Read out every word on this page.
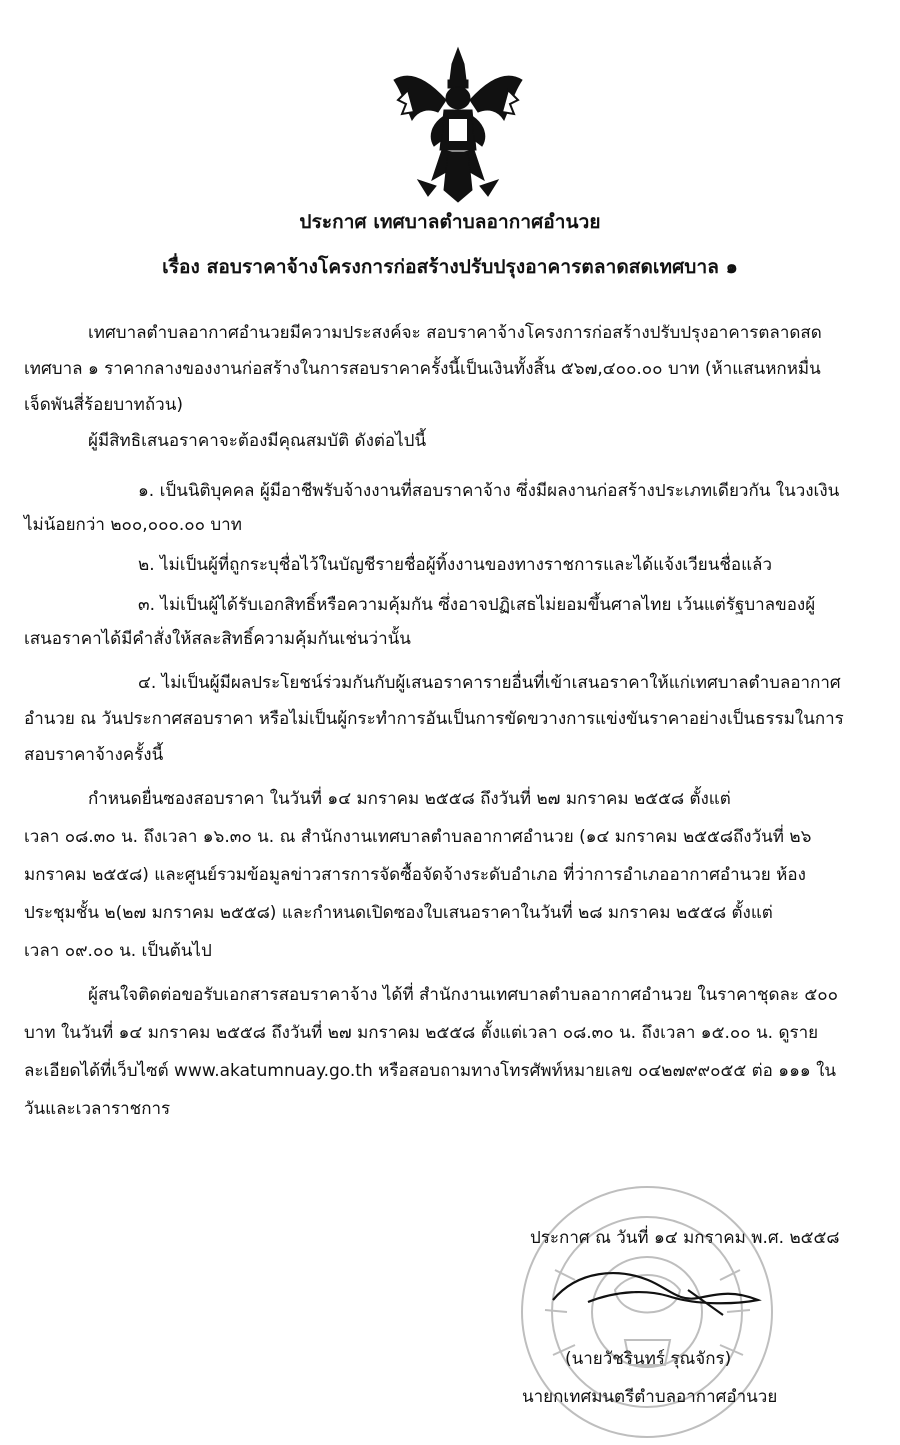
ประกาศ เทศบาลตำบลอากาศอำนวย
เรื่อง สอบราคาจ้างโครงการก่อสร้างปรับปรุงอาคารตลาดสดเทศบาล ๑
เทศบาลตำบลอากาศอำนวยมีความประสงค์จะ สอบราคาจ้างโครงการก่อสร้างปรับปรุงอาคารตลาดสด
เทศบาล ๑ ราคากลางของงานก่อสร้างในการสอบราคาครั้งนี้เป็นเงินทั้งสิ้น ๕๖๗,๔๐๐.๐๐ บาท (ห้าแสนหกหมื่น
เจ็ดพันสี่ร้อยบาทถ้วน)
ผู้มีสิทธิเสนอราคาจะต้องมีคุณสมบัติ ดังต่อไปนี้
๑. เป็นนิติบุคคล ผู้มีอาชีพรับจ้างงานที่สอบราคาจ้าง ซึ่งมีผลงานก่อสร้างประเภทเดียวกัน ในวงเงิน
ไม่น้อยกว่า ๒๐๐,๐๐๐.๐๐ บาท
๒. ไม่เป็นผู้ที่ถูกระบุชื่อไว้ในบัญชีรายชื่อผู้ทิ้งงานของทางราชการและได้แจ้งเวียนชื่อแล้ว
๓. ไม่เป็นผู้ได้รับเอกสิทธิ์หรือความคุ้มกัน ซึ่งอาจปฏิเสธไม่ยอมขึ้นศาลไทย เว้นแต่รัฐบาลของผู้
เสนอราคาได้มีคำสั่งให้สละสิทธิ์ความคุ้มกันเช่นว่านั้น
๔. ไม่เป็นผู้มีผลประโยชน์ร่วมกันกับผู้เสนอราคารายอื่นที่เข้าเสนอราคาให้แก่เทศบาลตำบลอากาศ
อำนวย ณ วันประกาศสอบราคา หรือไม่เป็นผู้กระทำการอันเป็นการขัดขวางการแข่งขันราคาอย่างเป็นธรรมในการ
สอบราคาจ้างครั้งนี้
กำหนดยื่นซองสอบราคา ในวันที่ ๑๔ มกราคม ๒๕๕๘ ถึงวันที่ ๒๗ มกราคม ๒๕๕๘ ตั้งแต่
เวลา ๐๘.๓๐ น. ถึงเวลา ๑๖.๓๐ น. ณ สำนักงานเทศบาลตำบลอากาศอำนวย (๑๔ มกราคม ๒๕๕๘ถึงวันที่ ๒๖
มกราคม ๒๕๕๘) และศูนย์รวมข้อมูลข่าวสารการจัดซื้อจัดจ้างระดับอำเภอ ที่ว่าการอำเภออากาศอำนวย ห้อง
ประชุมชั้น ๒(๒๗ มกราคม ๒๕๕๘) และกำหนดเปิดซองใบเสนอราคาในวันที่ ๒๘ มกราคม ๒๕๕๘ ตั้งแต่
เวลา ๐๙.๐๐ น. เป็นต้นไป
ผู้สนใจติดต่อขอรับเอกสารสอบราคาจ้าง ได้ที่ สำนักงานเทศบาลตำบลอากาศอำนวย ในราคาชุดละ ๕๐๐
บาท ในวันที่ ๑๔ มกราคม ๒๕๕๘ ถึงวันที่ ๒๗ มกราคม ๒๕๕๘ ตั้งแต่เวลา ๐๘.๓๐ น. ถึงเวลา ๑๕.๐๐ น. ดูราย
ละเอียดได้ที่เว็บไซต์ www.akatumnuay.go.th หรือสอบถามทางโทรศัพท์หมายเลข ๐๔๒๗๙๙๐๕๕ ต่อ ๑๑๑ ใน
วันและเวลาราชการ
ประกาศ ณ วันที่ ๑๔ มกราคม พ.ศ. ๒๕๕๘
(นายวัชรินทร์ รุณจักร)
นายกเทศมนตรีตำบลอากาศอำนวย
